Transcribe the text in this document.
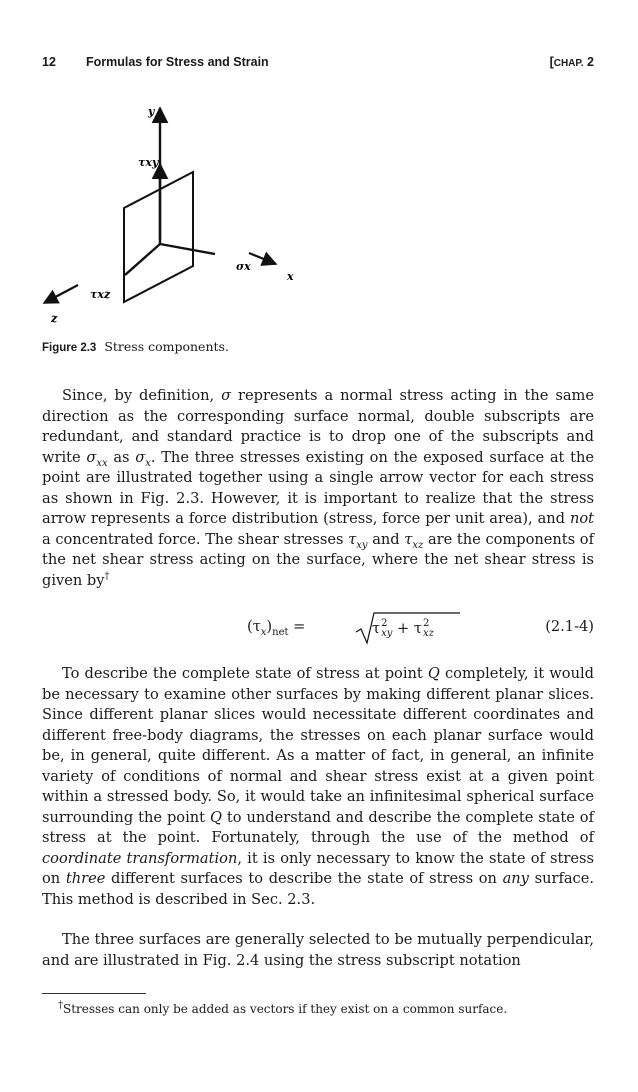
12 Formulas for Stress and Strain	[CHAP. 2
y
τxy
σx
x
τxz
z
Figure 2.3 Stress components.

Since, by definition, σ represents a normal stress acting in the same direction as the corresponding surface normal, double subscripts are redundant, and standard practice is to drop one of the subscripts and write $\sigma_{xx}$ as $\sigma_x$. The three stresses existing on the exposed surface at the point are illustrated together using a single arrow vector for each stress as shown in Fig. 2.3. However, it is important to realize that the stress arrow represents a force distribution (stress, force per unit area), and not a concentrated force. The shear stresses $\tau_{xy}$ and $\tau_{xz}$ are the components of the net shear stress acting on the surface, where the net shear stress is given by†

$(\tau_x)_{net}$ =	τ 2
xy + τ 2
xz	(2.1-4)

To describe the complete state of stress at point Q completely, it would be necessary to examine other surfaces by making different planar slices. Since different planar slices would necessitate different coordinates and different free-body diagrams, the stresses on each planar surface would be, in general, quite different. As a matter of fact, in general, an infinite variety of conditions of normal and shear stress exist at a given point within a stressed body. So, it would take an infinitesimal spherical surface surrounding the point Q to understand and describe the complete state of stress at the point. Fortunately, through the use of the method of coordinate transformation, it is only necessary to know the state of stress on three different surfaces to describe the state of stress on any surface. This method is described in Sec. 2.3.

The three surfaces are generally selected to be mutually perpendicular, and are illustrated in Fig. 2.4 using the stress subscript notation

†Stresses can only be added as vectors if they exist on a common surface.
